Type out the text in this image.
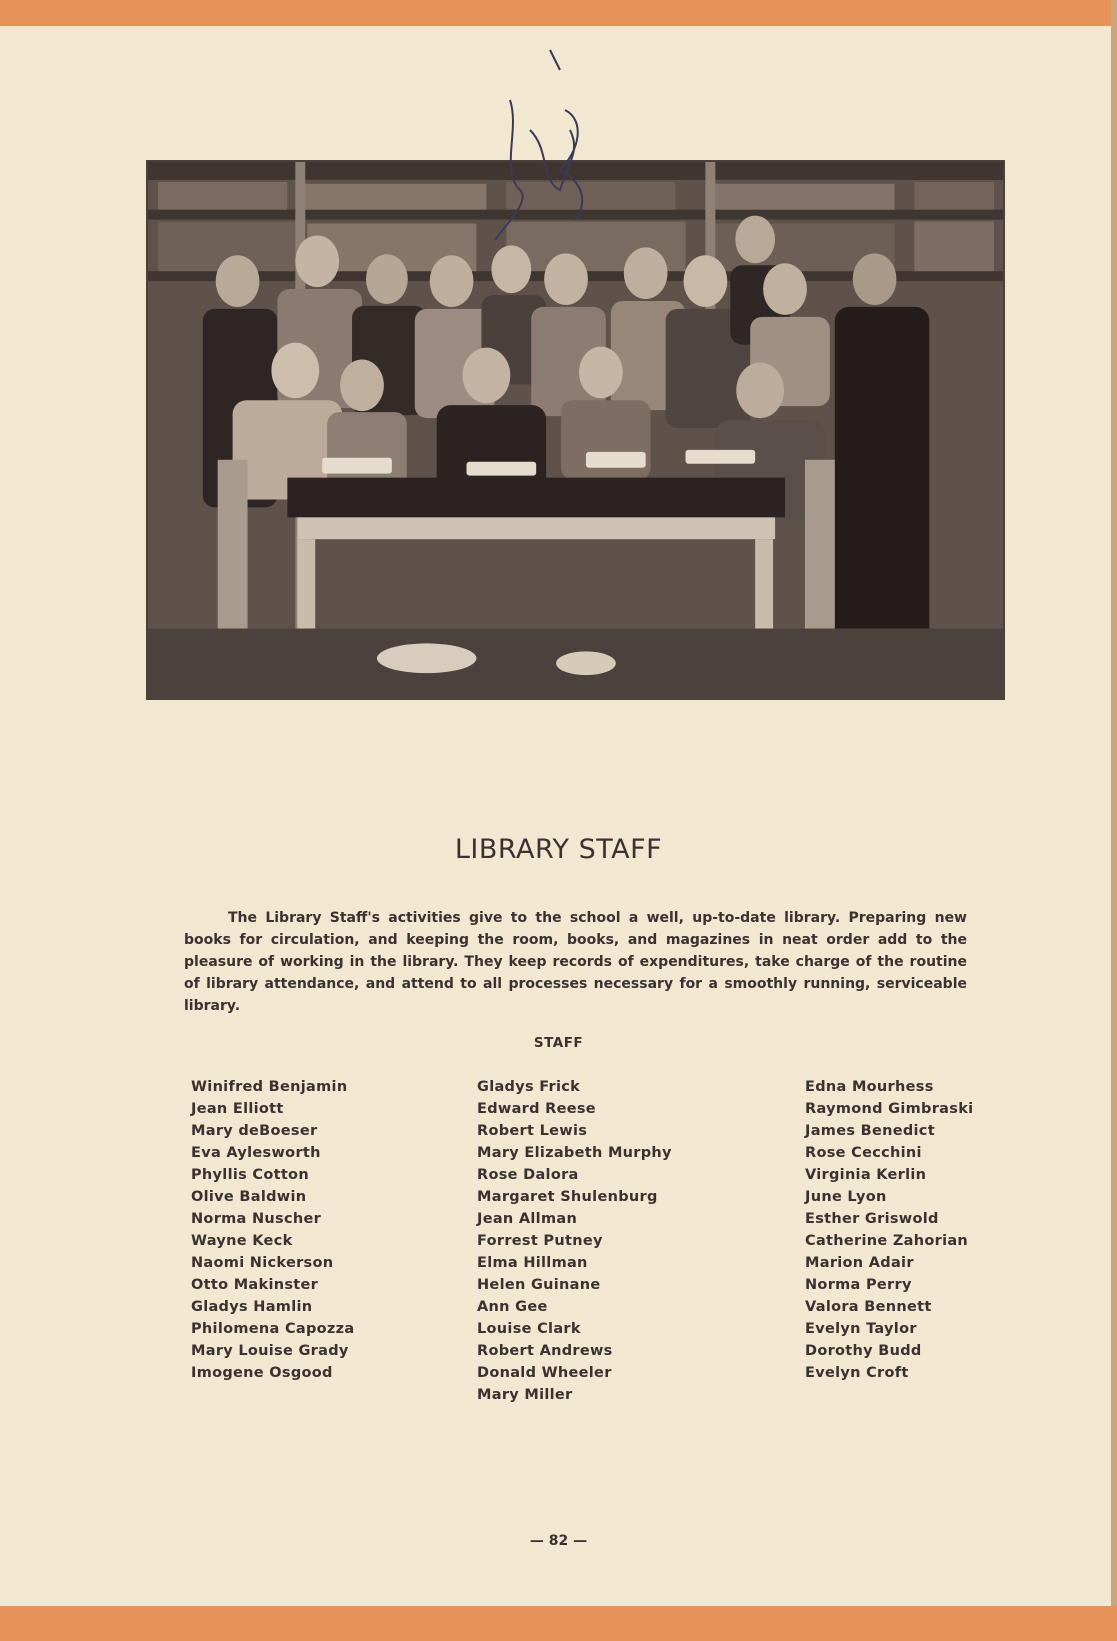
LIBRARY STAFF

The Library Staff's activities give to the school a well, up-to-date library. Preparing new books for circulation, and keeping the room, books, and magazines in neat order add to the pleasure of working in the library. They keep records of expenditures, take charge of the routine of library attendance, and attend to all processes necessary for a smoothly running, serviceable library.

STAFF
Winifred Benjamin
Jean Elliott
Mary deBoeser
Eva Aylesworth
Phyllis Cotton
Olive Baldwin
Norma Nuscher
Wayne Keck
Naomi Nickerson
Otto Makinster
Gladys Hamlin
Philomena Capozza
Mary Louise Grady
Imogene Osgood
Gladys Frick
Edward Reese
Robert Lewis
Mary Elizabeth Murphy
Rose Dalora
Margaret Shulenburg
Jean Allman
Forrest Putney
Elma Hillman
Helen Guinane
Ann Gee
Louise Clark
Robert Andrews
Donald Wheeler
Mary Miller
Edna Mourhess
Raymond Gimbraski
James Benedict
Rose Cecchini
Virginia Kerlin
June Lyon
Esther Griswold
Catherine Zahorian
Marion Adair
Norma Perry
Valora Bennett
Evelyn Taylor
Dorothy Budd
Evelyn Croft
— 82 —
